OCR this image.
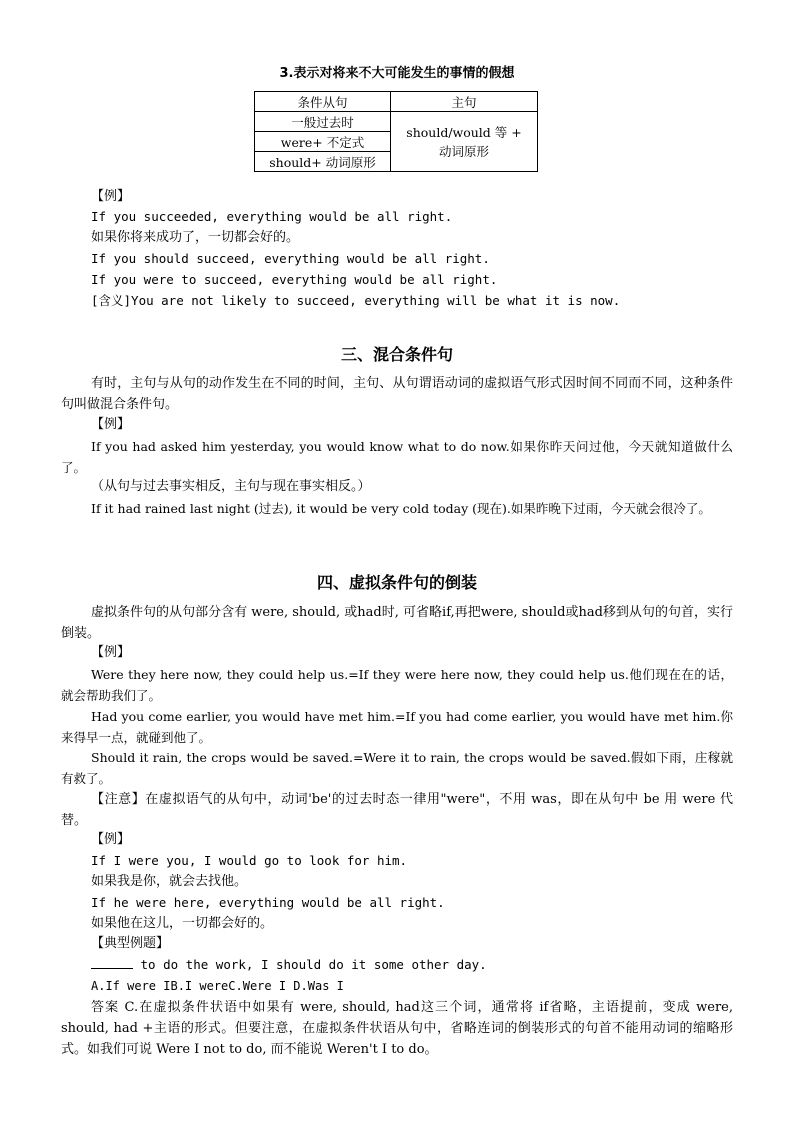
3.表示对将来不大可能发生的事情的假想
条件从句	主句
一般过去时	should/would 等 +
动词原形

were+ 不定式	
should+ 动词原形	
【例】
If you succeeded, everything would be all right.
如果你将来成功了，一切都会好的。
If you should succeed, everything would be all right.
If you were to succeed, everything would be all right.
[含义]You are not likely to succeed, everything will be what it is now.
三、混合条件句
有时，主句与从句的动作发生在不同的时间，主句、从句谓语动词的虚拟语气形式因时间不同而不同，这种条件句叫做混合条件句。
【例】
If you had asked him yesterday, you would know what to do now.如果你昨天问过他，今天就知道做什么了。
（从句与过去事实相反，主句与现在事实相反。）
If it had rained last night (过去), it would be very cold today (现在).如果昨晚下过雨，今天就会很冷了。
四、虚拟条件句的倒装
虚拟条件句的从句部分含有 were, should, 或had时, 可省略if,再把were, should或had移到从句的句首，实行倒装。
【例】
Were they here now, they could help us.=If they were here now, they could help us.他们现在在的话，就会帮助我们了。
Had you come earlier, you would have met him.=If you had come earlier, you would have met him.你来得早一点，就碰到他了。
Should it rain, the crops would be saved.=Were it to rain, the crops would be saved.假如下雨，庄稼就有救了。
【注意】在虚拟语气的从句中，动词'be'的过去时态一律用"were"，不用 was，即在从句中 be 用 were 代替。
【例】
If I were you, I would go to look for him.
如果我是你，就会去找他。
If he were here, everything would be all right.
如果他在这儿，一切都会好的。
【典型例题】
to do the work, I should do it some other day.
A.If were IB.I wereC.Were I D.Was I
答案 C.在虚拟条件状语中如果有 were, should, had这三个词，通常将 if省略，主语提前，变成 were, should, had +主语的形式。但要注意，在虚拟条件状语从句中，省略连词的倒装形式的句首不能用动词的缩略形式。如我们可说 Were I not to do, 而不能说 Weren't I to do。
